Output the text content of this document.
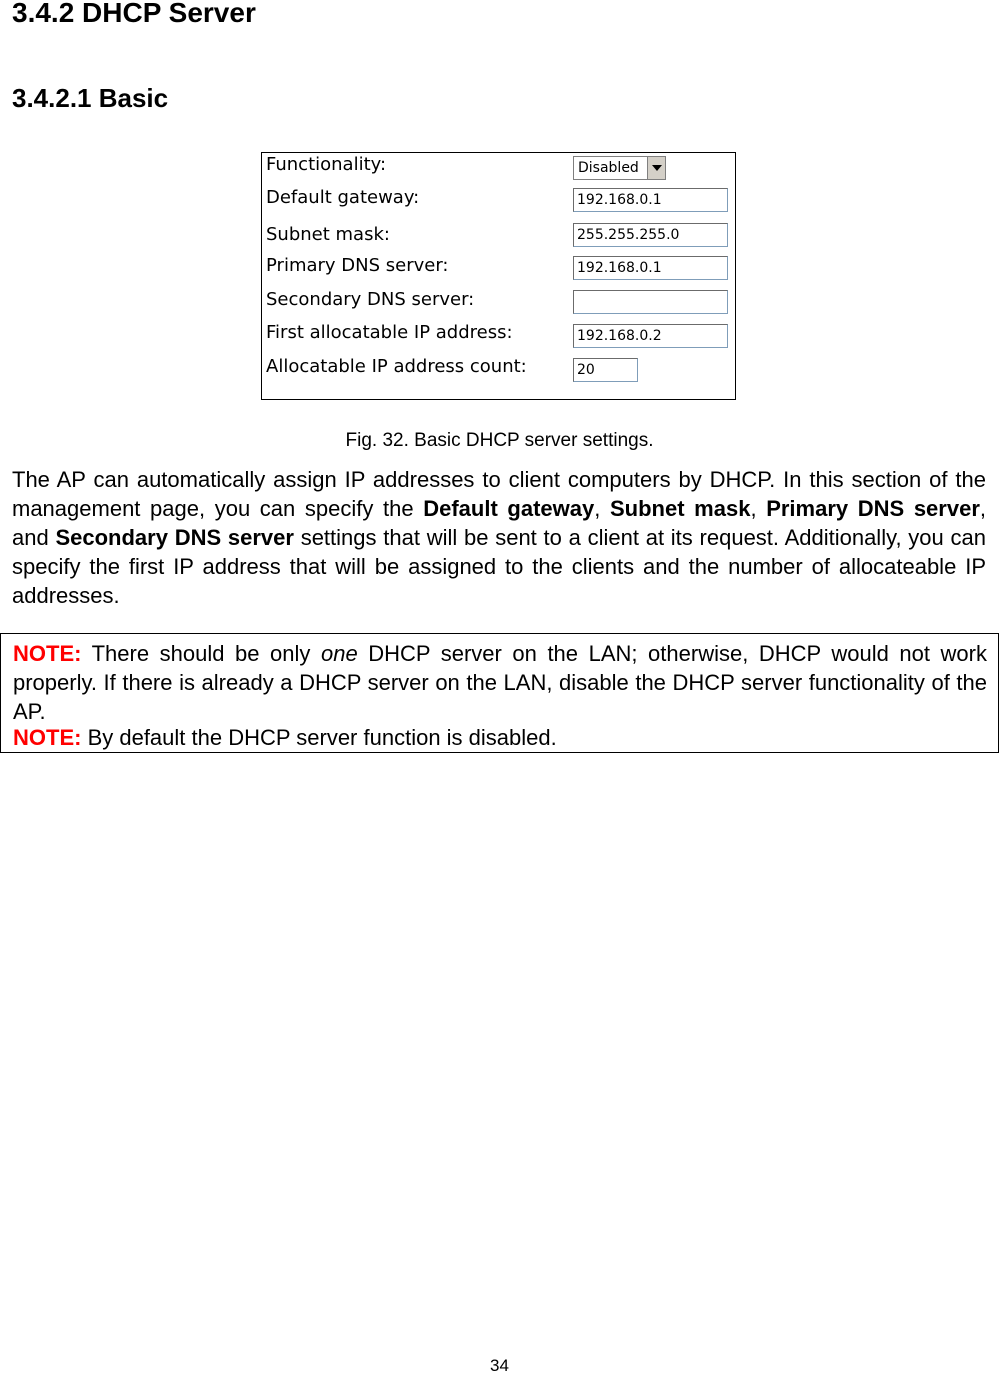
3.4.2 DHCP Server
3.4.2.1 Basic
Functionality:	Disabled
Default gateway:	192.168.0.1
Subnet mask:	255.255.255.0
Primary DNS server:	192.168.0.1
Secondary DNS server:
First allocatable IP address:	192.168.0.2
Allocatable IP address count:	20
Fig. 32. Basic DHCP server settings.

The AP can automatically assign IP addresses to client computers by DHCP. In this section of the management page, you can specify the Default gateway, Subnet mask, Primary DNS server, and Secondary DNS server settings that will be sent to a client at its request. Additionally, you can specify the first IP address that will be assigned to the clients and the number of allocateable IP addresses.

NOTE: There should be only one DHCP server on the LAN; otherwise, DHCP would not work properly. If there is already a DHCP server on the LAN, disable the DHCP server functionality of the AP.

NOTE: By default the DHCP server function is disabled.

34
